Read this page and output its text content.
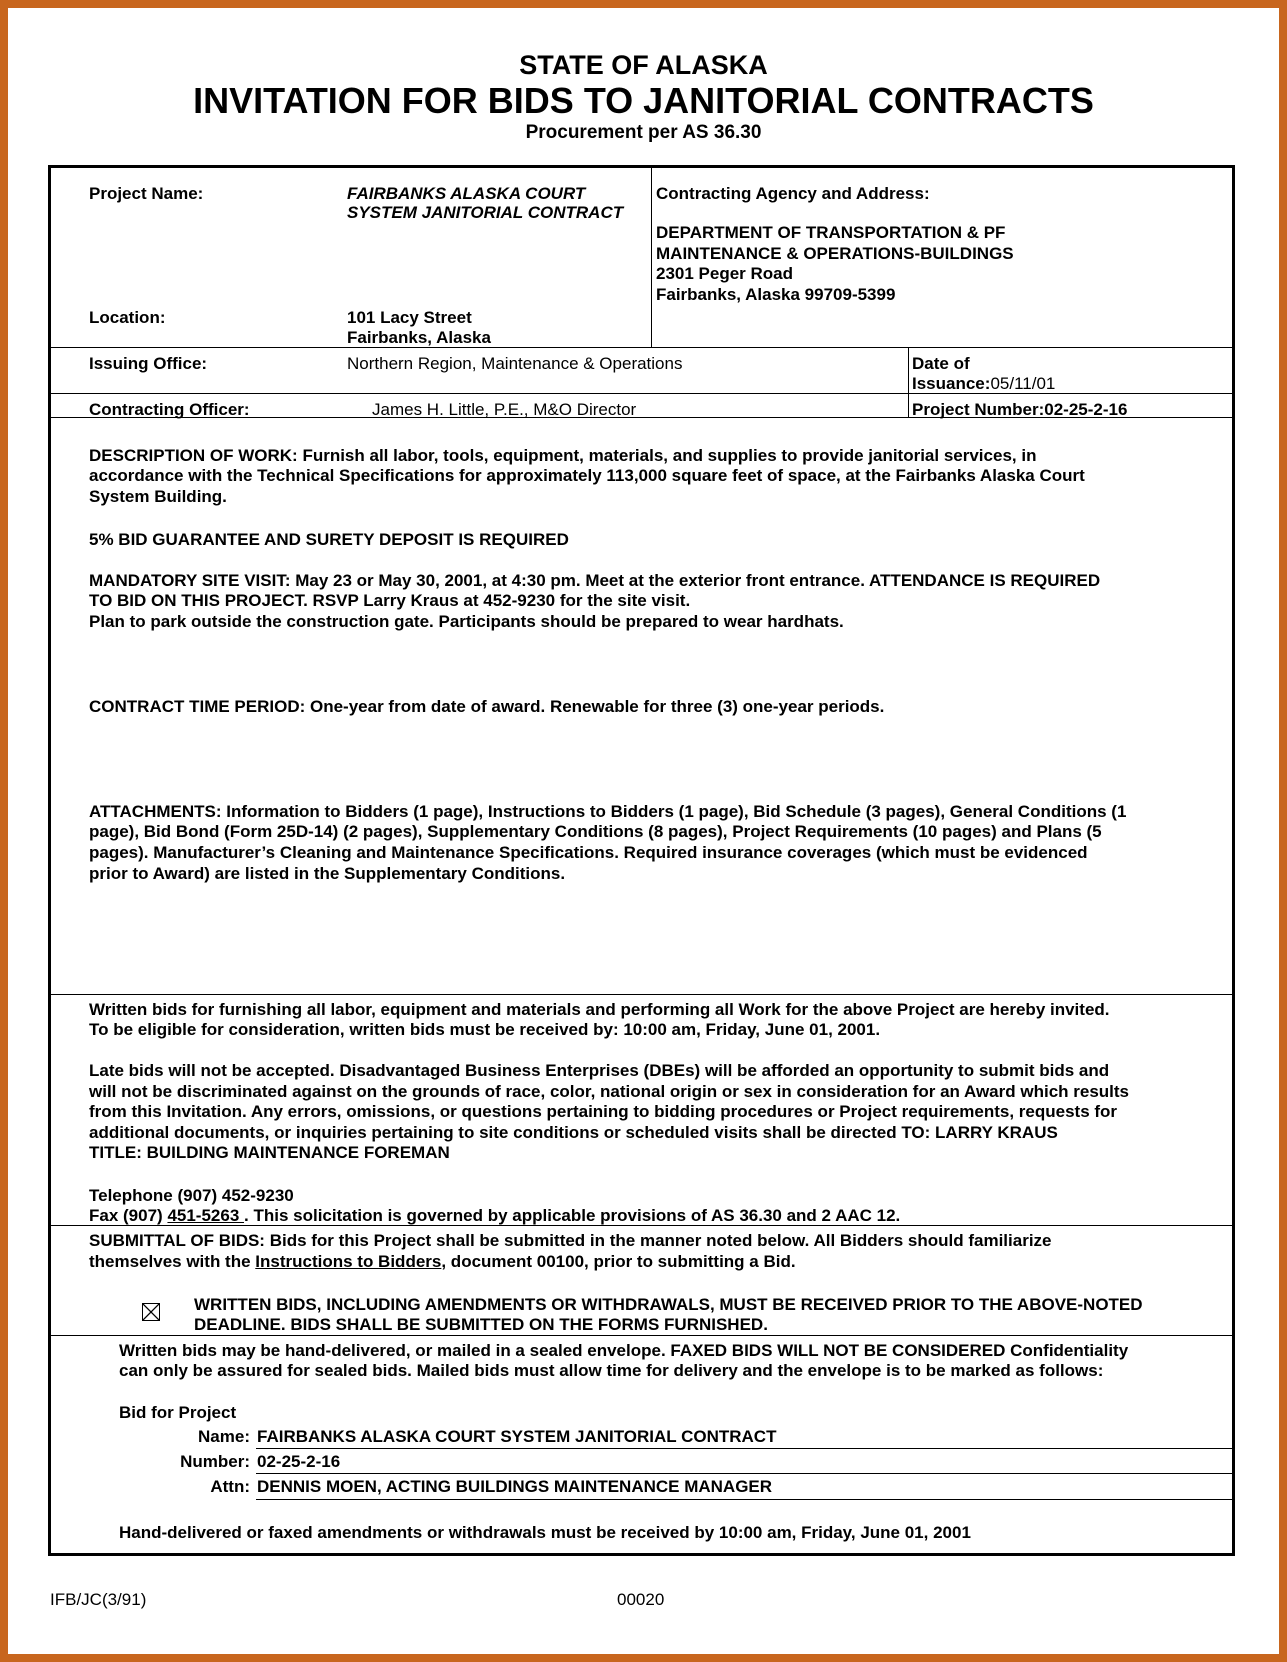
STATE OF ALASKA
INVITATION FOR BIDS TO JANITORIAL CONTRACTS
Procurement per AS 36.30
Project Name:	FAIRBANKS ALASKA COURT
SYSTEM JANITORIAL CONTRACT
Contracting Agency and Address:
DEPARTMENT OF TRANSPORTATION & PF
MAINTENANCE & OPERATIONS-BUILDINGS
2301 Peger Road
Fairbanks, Alaska 99709-5399
Location:	101 Lacy Street
Fairbanks, Alaska
Issuing Office:	Northern Region, Maintenance & Operations	Date of
Issuance:05/11/01
Contracting Officer:	James H. Little, P.E., M&O Director	Project Number:02-25-2-16
DESCRIPTION OF WORK: Furnish all labor, tools, equipment, materials, and supplies to provide janitorial services, in
accordance with the Technical Specifications for approximately 113,000 square feet of space, at the Fairbanks Alaska Court
System Building.
5% BID GUARANTEE AND SURETY DEPOSIT IS REQUIRED
MANDATORY SITE VISIT: May 23 or May 30, 2001, at 4:30 pm. Meet at the exterior front entrance. ATTENDANCE IS REQUIRED
TO BID ON THIS PROJECT. RSVP Larry Kraus at 452-9230 for the site visit.
Plan to park outside the construction gate. Participants should be prepared to wear hardhats.
CONTRACT TIME PERIOD: One-year from date of award. Renewable for three (3) one-year periods.
ATTACHMENTS: Information to Bidders (1 page), Instructions to Bidders (1 page), Bid Schedule (3 pages), General Conditions (1
page), Bid Bond (Form 25D-14) (2 pages), Supplementary Conditions (8 pages), Project Requirements (10 pages) and Plans (5
pages). Manufacturer’s Cleaning and Maintenance Specifications. Required insurance coverages (which must be evidenced
prior to Award) are listed in the Supplementary Conditions.
Written bids for furnishing all labor, equipment and materials and performing all Work for the above Project are hereby invited.
To be eligible for consideration, written bids must be received by: 10:00 am, Friday, June 01, 2001.
Late bids will not be accepted. Disadvantaged Business Enterprises (DBEs) will be afforded an opportunity to submit bids and
will not be discriminated against on the grounds of race, color, national origin or sex in consideration for an Award which results
from this Invitation. Any errors, omissions, or questions pertaining to bidding procedures or Project requirements, requests for
additional documents, or inquiries pertaining to site conditions or scheduled visits shall be directed TO: LARRY KRAUS
TITLE: BUILDING MAINTENANCE FOREMAN
Telephone (907) 452-9230
Fax (907) 451-5263 . This solicitation is governed by applicable provisions of AS 36.30 and 2 AAC 12.
SUBMITTAL OF BIDS: Bids for this Project shall be submitted in the manner noted below. All Bidders should familiarize
themselves with the Instructions to Bidders, document 00100, prior to submitting a Bid.
WRITTEN BIDS, INCLUDING AMENDMENTS OR WITHDRAWALS, MUST BE RECEIVED PRIOR TO THE ABOVE-NOTED
DEADLINE. BIDS SHALL BE SUBMITTED ON THE FORMS FURNISHED.
Written bids may be hand-delivered, or mailed in a sealed envelope. FAXED BIDS WILL NOT BE CONSIDERED Confidentiality
can only be assured for sealed bids. Mailed bids must allow time for delivery and the envelope is to be marked as follows:
Bid for Project
Name: FAIRBANKS ALASKA COURT SYSTEM JANITORIAL CONTRACT
Number: 02-25-2-16
Attn: DENNIS MOEN, ACTING BUILDINGS MAINTENANCE MANAGER
Hand-delivered or faxed amendments or withdrawals must be received by 10:00 am, Friday, June 01, 2001
IFB/JC(3/91)	00020
